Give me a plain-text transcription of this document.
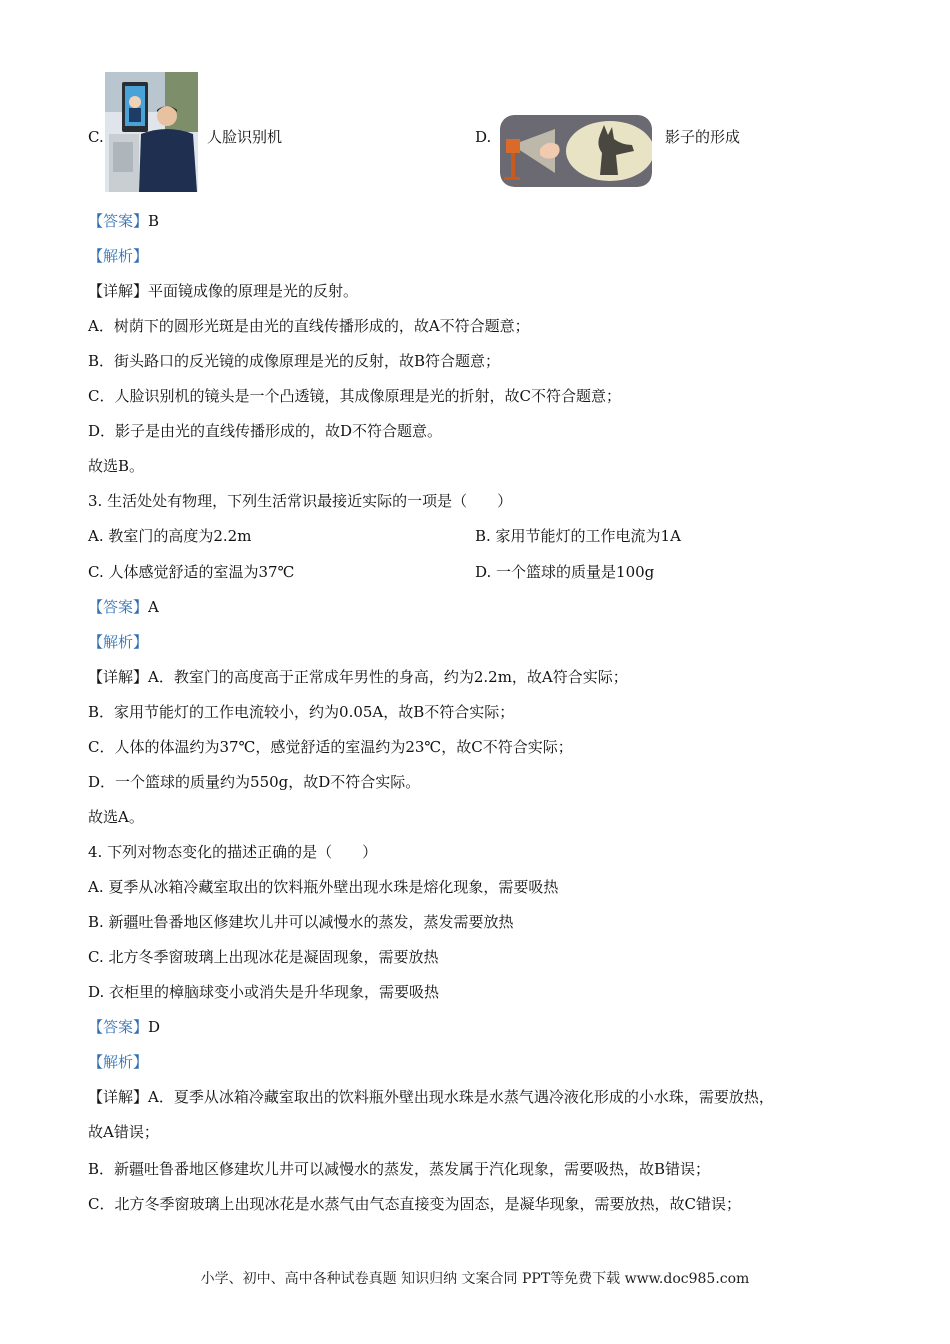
C.	人脸识别机	D.	影子的形成
【答案】B
【解析】
【详解】平面镜成像的原理是光的反射。
A．树荫下的圆形光斑是由光的直线传播形成的，故A不符合题意；
B．街头路口的反光镜的成像原理是光的反射，故B符合题意；
C．人脸识别机的镜头是一个凸透镜，其成像原理是光的折射，故C不符合题意；
D．影子是由光的直线传播形成的，故D不符合题意。
故选B。
3. 生活处处有物理，下列生活常识最接近实际的一项是（　　）
A. 教室门的高度为2.2m	B. 家用节能灯的工作电流为1A
C. 人体感觉舒适的室温为37℃	D. 一个篮球的质量是100g
【答案】A
【解析】
【详解】A．教室门的高度高于正常成年男性的身高，约为2.2m，故A符合实际；
B．家用节能灯的工作电流较小，约为0.05A，故B不符合实际；
C．人体的体温约为37℃，感觉舒适的室温约为23℃，故C不符合实际；
D．一个篮球的质量约为550g，故D不符合实际。
故选A。
4. 下列对物态变化的描述正确的是（　　）
A. 夏季从冰箱冷藏室取出的饮料瓶外壁出现水珠是熔化现象，需要吸热
B. 新疆吐鲁番地区修建坎儿井可以减慢水的蒸发，蒸发需要放热
C. 北方冬季窗玻璃上出现冰花是凝固现象，需要放热
D. 衣柜里的樟脑球变小或消失是升华现象，需要吸热
【答案】D
【解析】
【详解】A．夏季从冰箱冷藏室取出的饮料瓶外壁出现水珠是水蒸气遇冷液化形成的小水珠，需要放热，
故A错误；
B．新疆吐鲁番地区修建坎儿井可以减慢水的蒸发，蒸发属于汽化现象，需要吸热，故B错误；
C．北方冬季窗玻璃上出现冰花是水蒸气由气态直接变为固态，是凝华现象，需要放热，故C错误；
小学、初中、高中各种试卷真题 知识归纳 文案合同 PPT等免费下载 www.doc985.com
